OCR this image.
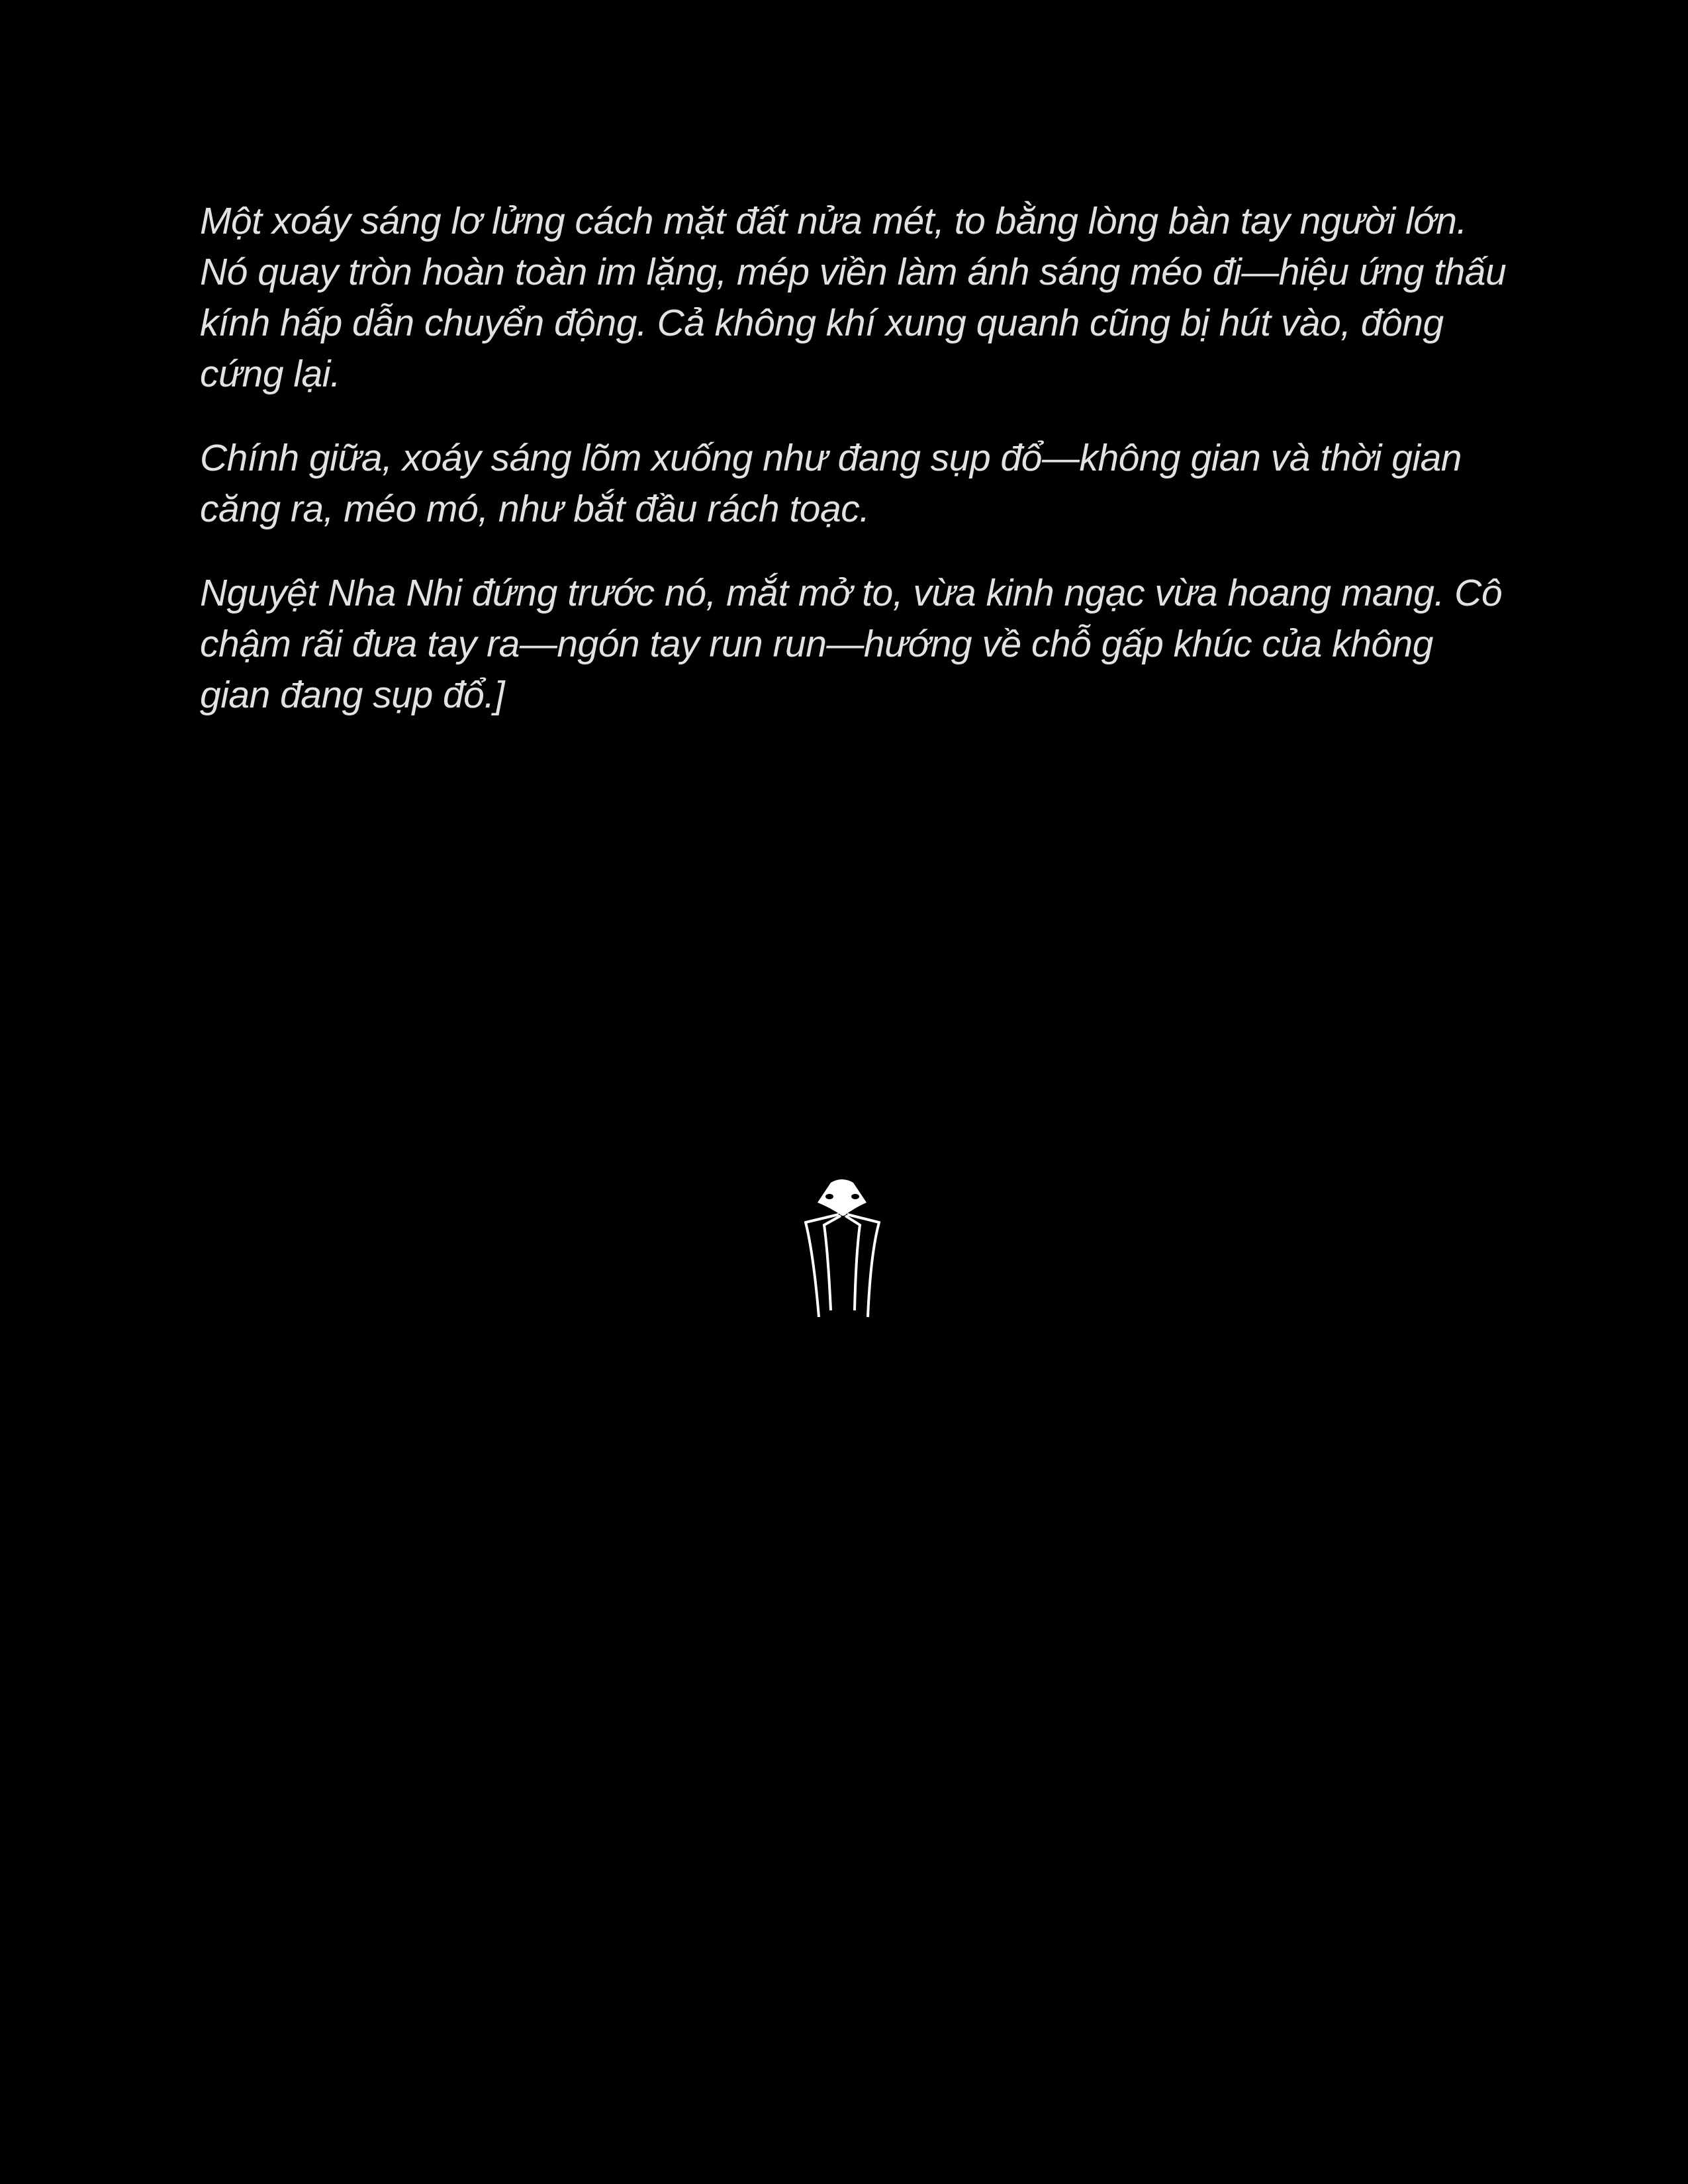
Một xoáy sáng lơ lửng cách mặt đất nửa mét, to bằng lòng bàn tay người lớn. Nó quay tròn hoàn toàn im lặng, mép viền làm ánh sáng méo đi—hiệu ứng thấu kính hấp dẫn chuyển động. Cả không khí xung quanh cũng bị hút vào, đông cứng lại.

Chính giữa, xoáy sáng lõm xuống như đang sụp đổ—không gian và thời gian căng ra, méo mó, như bắt đầu rách toạc.

Nguyệt Nha Nhi đứng trước nó, mắt mở to, vừa kinh ngạc vừa hoang mang. Cô chậm rãi đưa tay ra—ngón tay run run—hướng về chỗ gấp khúc của không gian đang sụp đổ.]
